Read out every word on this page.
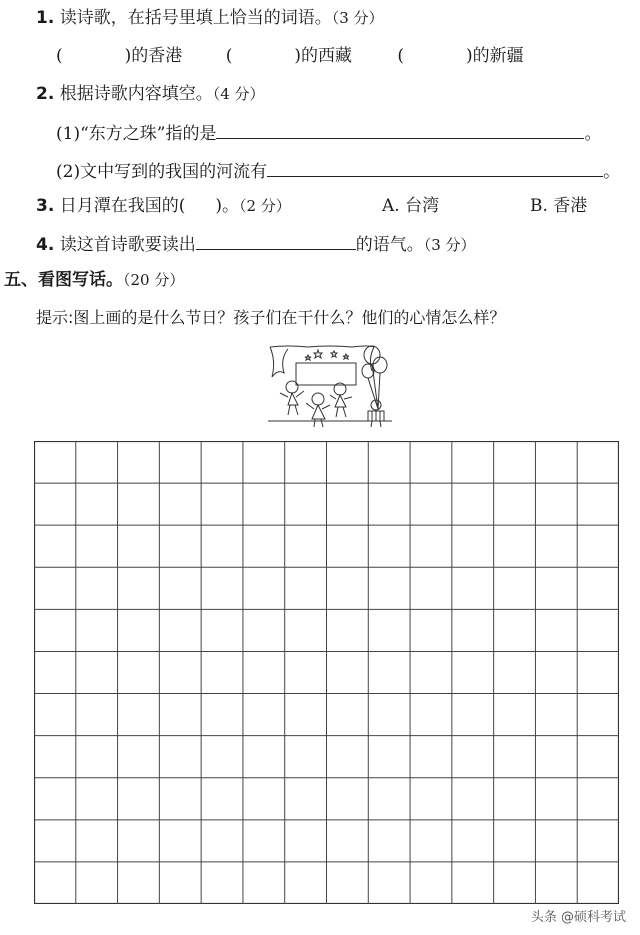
1. 读诗歌，在括号里填上恰当的词语。（3 分）
(	)的香港	(	)的西藏	(	)的新疆
2. 根据诗歌内容填空。（4 分）
(1)“东方之珠”指的是	。
(2)文中写到的我国的河流有	。
3. 日月潭在我国的( )。（2 分）	A. 台湾	B. 香港
4. 读这首诗歌要读出	的语气。（3 分）
五、看图写话。（20 分）
提示:图上画的是什么节日？孩子们在干什么？他们的心情怎么样？
头条 @硕科考试
